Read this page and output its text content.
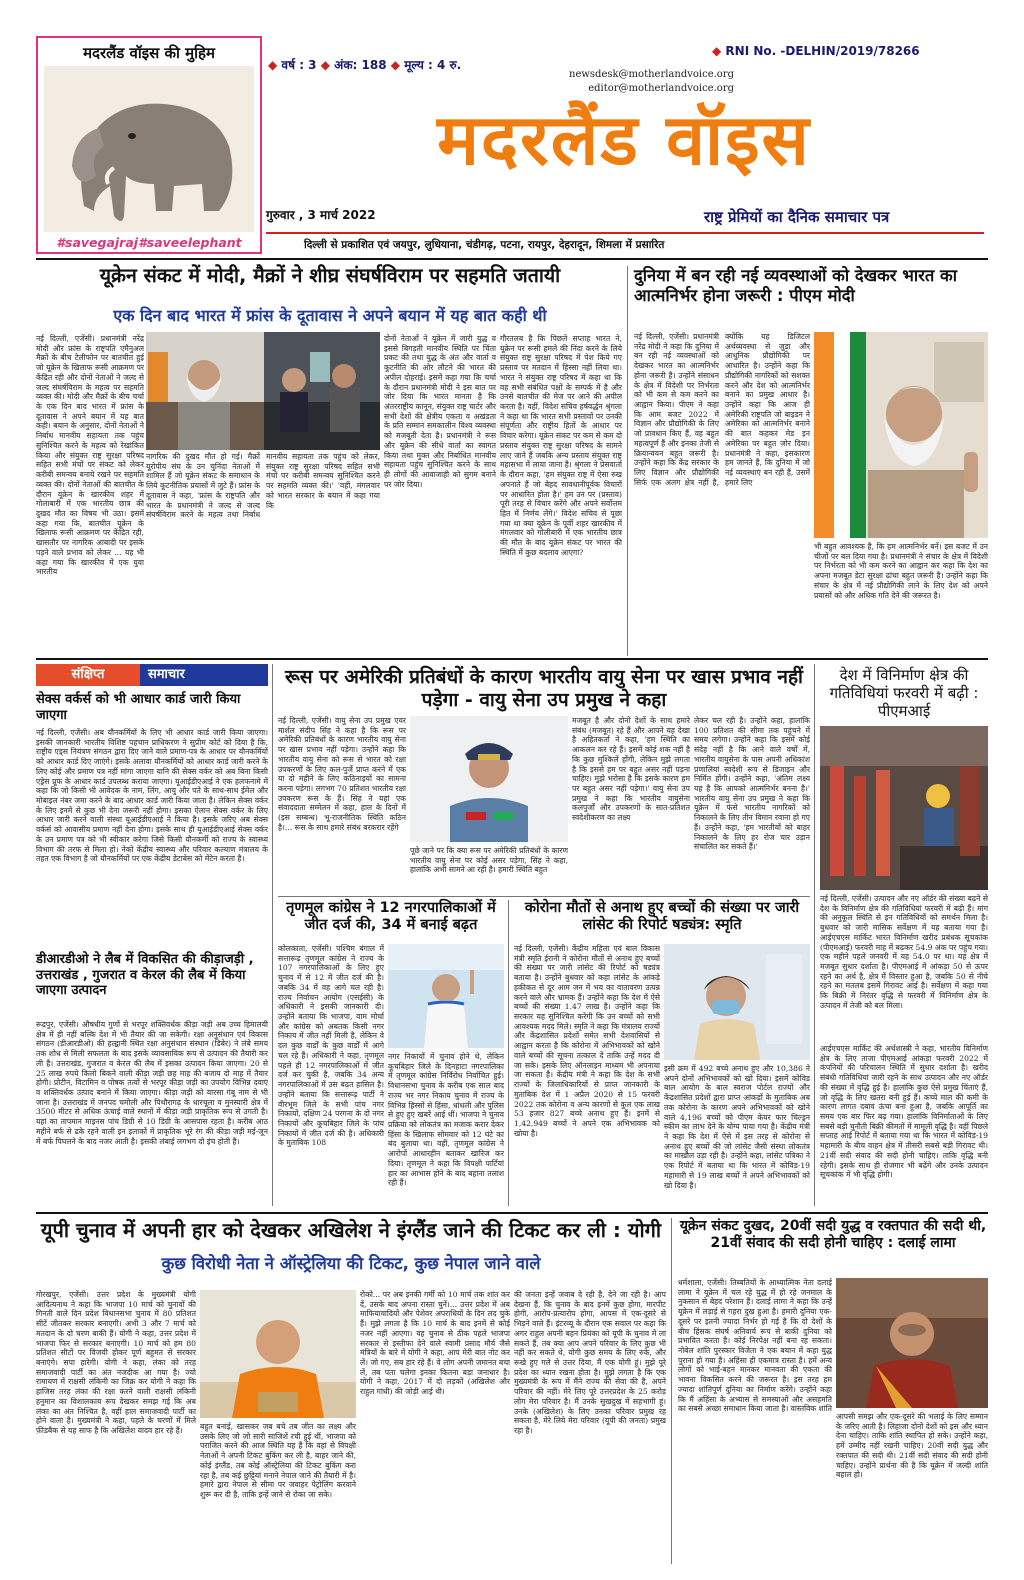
मदरलैंड वॉइस की मुहिम
#savegajraj#saveelephant
◆ वर्ष : 3 ◆ अंक: 188 ◆ मूल्य : 4 रु.
◆ RNI No. -DELHIN/2019/78266
newsdesk@motherlandvoice.org
editor@motherlandvoice.org
मदरलैंड वॉइस
गुरुवार , 3 मार्च 2022	राष्ट्र प्रेमियों का दैनिक समाचार पत्र
दिल्ली से प्रकाशित एवं जयपुर, लुधियाना, चंडीगढ़, पटना, रायपुर, देहरादून, शिमला में प्रसारित
यूक्रेन संकट में मोदी, मैक्रों ने शीघ्र संघर्षविराम पर सहमति जतायी
एक दिन बाद भारत में फ्रांस के दूतावास ने अपने बयान में यह बात कही थी
नई दिल्ली, एजेंसी। प्रधानमंत्री नरेंद्र मोदी और फ्रांस के राष्ट्रपति एमैनुअल मैक्रों के बीच टेलीफोन पर बातचीत हुई जो यूक्रेन के खिलाफ रूसी आक्रमण पर केंद्रित रही और दोनों नेताओं ने जल्द से जल्द संघर्षविराम के महत्व पर सहमति व्यक्त की। मोदी और मैक्रों के बीच चर्चा के एक दिन बाद भारत में फ्रांस के दूतावास ने अपने बयान में यह बात कही। बयान के अनुसार, दोनों नेताओं ने निर्बाध मानवीय सहायता तक पहुंच सुनिश्चित करने के महत्व को रेखांकित किया और संयुक्त राष्ट्र सुरक्षा परिषद सहित सभी मंचों पर संकट को लेकर करीबी समन्वय बनाये रखने पर सहमति व्यक्त की। दोनों नेताओं की बातचीत के दौरान यूक्रेन के खारकीव शहर में गोलाबारी में एक भारतीय छात्र की दुखद मौत का विषय भी उठा। इसमें कहा गया कि, बातचीत यूक्रेन के खिलाफ रूसी आक्रमण पर केंद्रित रही, खासतौर पर नागरिक आबादी पर इसके पड़ने वाले प्रभाव को लेकर ... यह भी कहा गया कि खारकीव में एक युवा भारतीय
नागरिक की दुखद मौत हो गई। मैक्रों यूरोपीय संघ के उन चुनिंदा नेताओं में शामिल हैं जो यूक्रेन संकट के समाधान के लिये कूटनीतिक प्रयासों में जुटे हैं। फ्रांस के दूतावास ने कहा, 'फ्रांस के राष्ट्रपति और भारत के प्रधानमंत्री ने जल्द से जल्द संघर्षविराम करने के महत्व तथा निर्बाध मानवीय सहायता तक पहुंच को लेकर, संयुक्त राष्ट्र सुरक्षा परिषद सहित सभी मंचों पर करीबी समन्वय सुनिश्चित करने पर सहमति व्यक्त की।' 'वहीं, मंगलवार को भारत सरकार के बयान में कहा गया कि
दोनों नेताओं ने यूक्रेन में जारी युद्ध व इससे बिगड़ती मानवीय स्थिति पर चिंता प्रकट की तथा युद्ध के अंत और वार्ता व कूटनीति की ओर लौटने की भारत की अपील दोहराई। इसमें कहा गया कि चर्चा के दौरान प्रधानमंत्री मोदी ने इस बात पर जोर दिया कि भारत मानता है कि अंतरराष्ट्रीय कानून, संयुक्त राष्ट्र चार्टर और सभी देशों की क्षेत्रीय एकता व अखंडता के प्रति सम्मान समकालीन विश्व व्यवस्था को मजबूती देता है। प्रधानमंत्री ने रूस और यूक्रेन की सीधे वार्ता का स्वागत किया तथा मुक्त और निर्बाधित मानवीय सहायता पहुंच सुनिश्चित करने के साथ ही लोगों की आवाजाही को सुगम बनाने पर जोर दिया।
गौरतलब है कि पिछले सप्ताह भारत ने, यूक्रेन पर रूसी हमले की निंदा करने के लिये संयुक्त राष्ट्र सुरक्षा परिषद में पेश किये गए प्रस्ताव पर मतदान में हिस्सा नहीं लिया था। भारत ने संयुक्त राष्ट्र परिषद में कहा था कि वह सभी संबंधित पक्षों के सम्पर्क में है और उनसे बातचीत की मेज पर आने की अपील करता है। वहीं, विदेश सचिव हर्षवर्द्धन श्रृंगला ने कहा था कि भारत सभी प्रस्तावों पर उनकी संपूर्णता और राष्ट्रीय हितों के आधार पर विचार करेगा। यूक्रेन संकट पर कम से कम दो प्रस्ताव संयुक्त राष्ट्र सुरक्षा परिषद के सामने लाए जाने हैं जबकि अन्य प्रस्ताव संयुक्त राष्ट्र महासभा में लाया जाना है। श्रृंगला ने प्रेसवार्ता के दौरान कहा, 'हम संयुक्त राष्ट्र में ऐसा रुख अपनाते हैं जो बेहद सावधानीपूर्वक विचारों पर आधारित होता है।' हम उन पर (प्रस्ताव) पूरी तरह से विचार करेंगे और अपने सर्वोत्तम हित में निर्णय लेंगे।' विदेश सचिव से पूछा गया था क्या यूक्रेन के पूर्वी शहर खारकीव में मंगलवार को गोलीबारी में एक भारतीय छात्र की मौत के बाद यूक्रेन संकट पर भारत की स्थिति में कुछ बदलाव आएगा?
दुनिया में बन रही नई व्यवस्थाओं को देखकर भारत का आत्मनिर्भर होना जरूरी : पीएम मोदी
नई दिल्ली, एजेंसी। प्रधानमंत्री नरेंद्र मोदी ने कहा कि दुनिया में बन रही नई व्यवस्थाओं को देखकर भारत का आत्मनिर्भर होना जरूरी है। उन्होंने संसाधन के क्षेत्र में विदेशी पर निर्भरता को भी कम से कम करने का आह्वान किया। पीएम ने कहा कि आम बजट 2022 में विज्ञान और प्रौद्योगिकी के लिए जो प्रावधान किए हैं, वह बहुत महत्वपूर्ण हैं और इनका तेजी से क्रियान्वयन बहुत जरूरी है। उन्होंने कहा कि केंद्र सरकार के लिए विज्ञान और प्रौद्योगिकी सिर्फ एक अलग क्षेत्र नहीं है, क्योंकि यह डिजिटल अर्थव्यवस्था से जुड़ा और आधुनिक प्रौद्योगिकी पर आधारित है। उन्होंने कहा कि प्रौद्योगिकी नागरिकों को सशक्त करने और देश को आत्मनिर्भर बनाने का प्रमुख आधार है। उन्होंने कहा कि आज ही अमेरिकी राष्ट्रपति जो बाइडन ने अमेरिका को आत्मनिर्भर बनाने की बात कहकर मेड इन अमेरिका पर बहुत जोर दिया। प्रधानमंत्री ने कहा, इसकारण हम जानते हैं, कि दुनिया में जो नई व्यवस्थाएं बन रही हैं, उसमें हमारे लिए
भी बहुत आवश्यक है, कि हम आत्मनिर्भर बनें। इस बजट में उन चीजों पर बल दिया गया है। प्रधानमंत्री ने संचार के क्षेत्र में विदेशी पर निर्भरता को भी कम करने का आह्वान कर कहा कि देश का अपना मजबूत डेटा सुरक्षा ढांचा बहुत जरूरी है। उन्होंने कहा कि संचार के क्षेत्र में नई प्रौद्योगिकी लाने के लिए देश को अपने प्रयासों को और अधिक गति देने की जरूरत है।
संक्षिप्त	समाचार
सेक्स वर्कर्स को भी आधार कार्ड जारी किया जाएगा
नई दिल्ली, एजेंसी। अब यौनकर्मियों के लिए भी आधार कार्ड जारी किया जाएगा। इसकी जानकारी भारतीय विशिष्ट पहचान प्राधिकरण ने सुप्रीम कोर्ट को दिया है कि, राष्ट्रीय एड्स नियंत्रण संगठन द्वारा दिए जाने वाले प्रमाण-पत्र के आधार पर यौनकर्मियों को आधार कार्ड दिए जाएंगे। इसके अलावा यौनकर्मियों को आधार कार्ड जारी करने के लिए कोई और प्रमाण पत्र नहीं मांगा जाएगा यानि की सेक्स वर्कर को अब बिना किसी एड्रेस प्रूफ के आधार कार्ड उपलब्ध कराया जाएगा। यूआईडीएआई ने एक हलफनामे में कहा कि जो किसी भी आवेदक के नाम, लिंग, आयु और पते के साथ-साथ ईमेल और मोबाइल नंबर जमा करने के बाद आधार कार्ड जारी किया जाता है। लेकिन सेक्स वर्कर के लिए इनमें से कुछ भी देना जरूरी नहीं होगा। इसका ऐलान सेक्स वर्कर के लिए आधार जारी करने वाली संस्था यूआईडीएआई ने किया है। इसके जरिए अब सेक्स वर्कर्स को आवासीय प्रमाण नहीं देना होगा। इसके साथ ही यूआईडीएआई सेक्स वर्कर के उन प्रमाण पत्र को भी स्वीकार करेगा जिसे किसी यौनकर्मी को राज्य के स्वास्थ्य विभाग की तरफ से मिला हो। नेको केंद्रीय स्वास्थ्य और परिवार कल्याण मंत्रालय के तहत एक विभाग है जो यौनकर्मियों पर एक केंद्रीय डेटाबेस को मेंटेन करता है।
डीआरडीओ ने लैब में विकसित की कीड़ाजड़ी , उत्तराखंड , गुजरात व केरल की लैब में किया जाएगा उत्पादन
रूद्रपुर, एजेंसी। औषधीय गुणों से भरपूर शक्तिवर्धक कीड़ा जड़ी अब उच्च हिमालयी क्षेत्र में ही नहीं बल्कि देश में भी तैयार की जा सकेगी। रक्षा अनुसंधान एवं विकास संगठन (डीआरडीओ) की हल्द्वानी स्थित रक्षा अनुसंधान संस्थान (डिबेर) ने लंबे समय तक शोध से मिली सफलता के बाद इसके व्यावसायिक रूप से उत्पादन की तैयारी कर ली है। उत्तराखंड, गुजरात व केरल की लैब में इसका उत्पादन किया जाएगा। 20 से 25 लाख रुपये किलो बिकने वाली कीड़ा जड़ी छह माह की बजाय दो माह में तैयार होगी। प्रोटीन, विटामिन व पोषक तत्वों से भरपूर कीड़ा जड़ी का उपयोग विभिन्न दवाएं व शक्तिवर्धक उत्पाद बनाने में किया जाएगा। कीड़ा जड़ी को यारसा गंबू नाम से भी जाना है। उत्तराखंड में जनपद चमोली और पिथौरागढ़ के धारचूला व मुनस्यारी क्षेत्र में 3500 मीटर से अधिक ऊंचाई वाले स्थानों में कीड़ा जड़ी प्राकृतिक रूप से उगती है। यहां का तापमान माइनस पांच डिग्री से 10 डिग्री के आसपास रहता है। करीब आठ महीने बर्फ से ढके रहने वाली इन इलाकों में प्राकृतिक भूरे रंग की कीड़ा जड़ी मई-जून में बर्फ पिघलने के बाद नजर आती है। इसकी लंबाई लगभग दो इंच होती है।
रूस पर अमेरिकी प्रतिबंधों के कारण भारतीय वायु सेना पर खास प्रभाव नहीं पड़ेगा - वायु सेना उप प्रमुख ने कहा
नई दिल्ली, एजेंसी। वायु सेना उप प्रमुख एयर मार्शल संदीप सिंह ने कहा है कि रूस पर अमेरिकी प्रतिबंधों के कारण भारतीय वायु सेना पर खास प्रभाव नहीं पड़ेगा। उन्होंने कहा कि भारतीय वायु सेना को रूस से भारत को रक्षा उपकरणों के लिए कल-पुर्जे प्राप्त करने में एक या दो महीने के लिए कठिनाइयों का सामना करना पड़ेगा। लगभग 70 प्रतिशत भारतीय रक्षा उपकरण रूस के हैं। सिंह ने यहां एक संवाददाता सम्मेलन में कहा, हाल के दिनों में (इस सम्बन्ध) भू-राजनीतिक स्थिति कठिन है।... रूस के साथ हमारे संबंध बरकरार रहेंगे
पूछे जाने पर कि क्या रूस पर अमेरिकी प्रतिबंधों के कारण भारतीय वायु सेना पर कोई असर पड़ेगा, सिंह ने कहा, हालांकि अभी सामने आ रही है। हमारी स्थिति बहुत
मजबूत है और दोनों देशों के साथ हमारे संबंध (मजबूत) रहे हैं और आपने यह देखा है अहितकर्ता ने कहा, 'हम स्थिति का आकलन कर रहे हैं। इसमें कोई शक नहीं है कि कुछ मुश्किलें होंगी, लेकिन मुझे लगता है कि इससे हम पर बहुत असर नहीं पड़ना चाहिए। मुझे भरोसा है कि इसके कारण हम पर बहुत असर नहीं पड़ेगा।' वायु सेना उप प्रमुख ने कहा कि भारतीय वायुसेना कलपुर्जों और उपकरणों के सात-प्रतिशत स्वदेशीकरण का लक्ष्य
लेकर चल रही है। उन्होंने कहा, हालांकि 100 प्रतिशत की सीमा तक पहुंचने में समय लगेगा। उन्होंने कहा कि इसमें कोई संदेह नहीं है कि आने वाले वर्षों में, भारतीय वायुसेना के पास अपनी अधिकांश प्रणालियां स्वदेशी रूप से डिजाइन और निर्मित होंगी। उन्होंने कहा, 'अंतिम लक्ष्य यह है कि आपको आत्मनिर्भर बनना है।' भारतीय वायु सेना उप प्रमुख ने कहा कि यूक्रेन में फंसे भारतीय नागरिकों को निकालने के लिए तीन विमान रवाना हो गए हैं। उन्होंने कहा, 'हम भारतीयों को बाहर निकालने के लिए हर रोज चार उड़ान संचालित कर सकते हैं।'
तृणमूल कांग्रेस ने 12 नगरपालिकाओं में जीत दर्ज की, 34 में बनाई बढ़त
कोलकाता, एजेंसी। पश्चिम बंगाल में सत्तारूढ़ तृणमूल कांग्रेस ने राज्य के 107 नगरपालिकाओं के लिए हुए चुनाव में से 12 में जीत दर्ज की है। जबकि 34 में वह आगे चल रही है। राज्य निर्वाचन आयोग (एसईसी) के अधिकारी ने इसकी जानकारी दी। उन्होंने बताया कि भाजपा, वाम मोर्चा और कांग्रेस को अबतक किसी नगर निकाय में जीत नहीं मिली है, लेकिन वे दल कुछ वार्डों के कुछ वार्डों में आगे चल रहे हैं। अधिकारी ने कहा, तृणमूल पहले ही 12 नगरपालिकाओं में जीत दर्ज कर चुकी है, जबकि 34 अन्य नगरपालिकाओं में उस बढ़त हासिल है। उन्होंने बताया कि सत्तारूढ़ पार्टी ने वीरभूम जिले के सभी पांच नगर निकायों, दक्षिण 24 परगना के दो नगर निकायों और कूचबिहार जिले के पांच निकायों में जीत दर्ज की है। अधिकारी के मुताबिक 108
नगर निकायों में चुनाव होने थे, लेकिन कूचबिहार जिले के दिनहाटा नगरपालिका में तृणमूल कांग्रेस निर्विरोध निर्वाचित हुई। विधानसभा चुनाव के करीब एक साल बाद राज्य भर नगर निकाय चुनाव में राज्य के विभिन्न हिस्सों से हिंसा, धांधली और पुलिस से हुए हुए खबरें आई थीं। भाजपा ने चुनाव प्रक्रिया को लोकतंत्र का मजाक करार देकर हिंसा के खिलाफ सोमवार को 12 घंटे का बंद बुलाया था। वहीं, तृणमूल कांग्रेस ने आरोपों आधारहीन बताकर खारिज कर दिया। तृणमूल ने कहा कि विपक्षी पार्टियां हार का आभास होने के बाद बहाना तलाश रही हैं।
कोरोना मौतों से अनाथ हुए बच्चों की संख्या पर जारी लांसेट की रिपोर्ट षड्यंत्र: स्मृति
नई दिल्ली, एजेंसी। केंद्रीय महिला एवं बाल विकास मंत्री स्मृति ईरानी ने कोरोना मौतों से अनाथ हुए बच्चों की संख्या पर जारी लांसेट की रिपोर्ट को षड्यंत्र बताया है। उन्होंने बुधवार को कहा लांसेट के आंकड़े हकीकत से दूर आम जन में भय का वातावरण उत्पन्न करने वाले और भ्रामक हैं। उन्होंने कहा कि देश में ऐसे बच्चों की संख्या 1.47 लाख है। उन्होंने कहा कि सरकार यह सुनिश्चित करेगी कि उन बच्चों को सभी आवश्यक मदद मिले। स्मृति ने कहा कि मंत्रालय राज्यों और केंद्रशासित प्रदेशों समेत सभी देशवासियों से आह्वान करता है कि कोरोना में अभिभावकों को खोने वाले बच्चों की सूचना तत्काल दें ताकि उन्हें मदद दी जा सके। इसके लिए ऑनलाइन माध्यम भी अपनाया जा सकता है। केंद्रीय मंत्री ने कहा कि देश के सभी राज्यों के जिलाधिकारियों से प्राप्त जानकारी के मुताबिक देश में 1 अप्रैल 2020 से 15 फरवरी 2022 तक कोरोना व अन्य कारणों से कुल एक लाख 53 हजार 827 बच्चे अनाथ हुए हैं। इनमें से 1,42,949 बच्चों ने अपने एक अभिभावक को खोया है।
इसी क्रम में 492 बच्चे अनाथ हुए और 10,386 ने अपने दोनों अभिभावकों को खो दिया। इसमें कोविड बाल आयोग के बाल स्वराज पोर्टल राज्यों और केंद्रशासित प्रदेशों द्वारा प्राप्त आंकड़ों के मुताबिक अब तक कोरोना के कारण अपने अभिभावकों को खोने वाले 4,196 बच्चों को पीएम केयर फार चिल्ड्रन स्कीम का लाभ देने के योग्य पाया गया है। केंद्रीय मंत्री ने कहा कि देश में ऐसे में इस तरह से कोरोना से अनाथ हुए बच्चों की जो लांसेट जैसी संस्था लोकतंत्र का माखौल उड़ा रही है। उन्होंने कहा, लांसेट पत्रिका ने एक रिपोर्ट में बताया था कि भारत में कोविड-19 महामारी से 19 लाख बच्चों ने अपने अभिभावकों को खो दिया है।
देश में विनिर्माण क्षेत्र की गतिविधियां फरवरी में बढ़ी : पीएमआई
नई दिल्ली, एजेंसी। उत्पादन और नए ऑर्डर की संख्या बढ़ने से देश के विनिर्माण क्षेत्र की गतिविधियां फरवरी में बढ़ी हैं। मांग की अनुकूल स्थिति से इन गतिविधियों को समर्थन मिला है। बुधवार को जारी मासिक सर्वेक्षण में यह बताया गया है। आईएचएस मार्किट भारत विनिर्माण खरीद प्रबंधक सूचकांक (पीएमआई) फरवरी माह में बढ़कर 54.9 अंक पर पहुंच गया। एक महीने पहले जनवरी में यह 54.0 पर था। यह क्षेत्र में मजबूत सुधार दर्शाता है। पीएमआई में आंकड़ा 50 से ऊपर रहने का अर्थ है, क्षेत्र में विस्तार हुआ है, जबकि 50 से नीचे रहने का मतलब इसमें गिरावट आई है। सर्वेक्षण में कहा गया कि बिक्री में निरंतर वृद्धि से फरवरी में विनिर्माण क्षेत्र के उत्पादन में तेजी को बल मिला।
आईएचएस मार्किट की अर्थशास्त्री ने कहा, भारतीय विनिर्माण क्षेत्र के लिए ताजा पीएमआई आंकड़ा फरवरी 2022 में कंपनियों की परिचालन स्थिति में सुधार दर्शाता है। खरीद संबंधी गतिविधियां जारी रहने के साथ उत्पादन और नए ऑर्डर की संख्या में वृद्धि हुई है। हालांकि कुछ ऐसे प्रमुख चिंताएं हैं, जो वृद्धि के लिए खतरा बनी हुई हैं। कच्चे माल की कमी के कारण लागत दबाव ऊंचा बना हुआ है, जबकि आपूर्ति का समय एक बार फिर बढ़ गया। हालांकि विनिर्माताओं के लिए सबसे बड़ी चुनौती बिक्री कीमतों में मामूली वृद्धि है। वहीं पिछले सप्ताह आई रिपोर्ट में बताया गया था कि भारत में कोविड-19 महामारी के बीच वाहन क्षेत्र में तीसरी सबसे बड़ी गिरावट थी। 21वीं सदी संवाद की सदी होनी चाहिए। ताकि वृद्धि बनी रहेगी। इसके साथ ही रोजगार भी बढ़ेंगे और उनके उत्पादन सूचकांक में भी वृद्धि होगी।
यूपी चुनाव में अपनी हार को देखकर अखिलेश ने इंग्लैंड जाने की टिकट कर ली : योगी
कुछ विरोधी नेता ने ऑस्ट्रेलिया की टिकट, कुछ नेपाल जाने वाले
गोरखपुर, एजेंसी। उत्तर प्रदेश के मुख्यमंत्री योगी आदित्यनाथ ने कहा कि भाजपा 10 मार्च को चुनावों की गिनती वाले दिन प्रदेश विधानसभा चुनाव में 80 प्रतिशत सीटें जीतकर सरकार बनाएगी। अभी 3 और 7 मार्च को मतदान के दो चरण बाकी हैं। योगी ने कहा, उत्तर प्रदेश में भाजपा फिर से सरकार बनाएगी। 10 मार्च को हम 80 प्रतिशत सीटों पर विजयी होकर पूर्ण बहुमत से सरकार बनाएंगे। सपा हारेगी। योगी ने कहा, लंका को तरह समाजवादी पार्टी का अंत नजदीक आ गया है। ज्यो रामायण में राक्षसी लंकिनी का जिक्र कर योगी ने कहा कि हाजिस तरह लंका की रक्षा करने वाली राक्षसी लंकिनी हनुमान का विशालकाय रूप देखकर समझ गई कि अब लंका का अंत निश्चित है, वहीं हाल समाजवादी पार्टी का होने वाला है। मुख्यमंत्री ने कहा, पहले के चरणों में मिले फ़ीडबैक से यह साफ है कि अखिलेश यादव हार रहे हैं।	बहुत बनाई, खासकर जब बचे तब जीत का लक्ष्य और उसके लिए जो जो सारी साजिशें रची हुई थीं, भाजपा को पराजित करने की आज स्थिति यह है कि वहां से विपक्षी नेताओं ने अपनी टिकट बुकिंग कर ली है, बाहर जाने की, कोई इंग्लैंड, तब कोई ऑस्ट्रेलिया की टिकट बुकिंग करा रहा है, तब कई छुट्टियां मनाने नेपाल जाने की तैयारी में है। हमारे द्वारा नेपाल से सीमा पर जवाहर पेट्रोलिंग करवाने शुरू कर दी है, ताकि इन्हें जाने से रोका जा सके।
रोको... पर अब इनकी गर्मी को 10 मार्च तक शांत कर दें, उसके बाद अपना रास्ता चुनें।... उत्तर प्रदेश में अब माफियावादियों और पेशेवर अपराधियों के दिन लद चुके हैं। मुझे लगता है कि 10 मार्च के बाद इनमें से कोई नजर नहीं आएगा। वह चुनाव से ठीक पहले भाजपा सरकार से इस्तीफा देने वाले स्वामी प्रसाद मौर्य जैसे मंत्रियों के बारे में योगी ने कहा, आप मेरी बात नोट कर लें। जो गए, सब हार रहे हैं। वे लोग अपनी जमानत बचा लें, तब पता चलेगा इनका कितना बड़ा जनाधार है। योगी ने कहा, 2017 में दो लड़कों (अखिलेश और राहुल गांधी) की जोड़ी आई थी।
की जनता इन्हें जवाब दे रही है, देने जा रही है। आप देखना हैं, कि चुनाव के बाद इनमें कुछ होगा, मारपीट होगी, आरोप-प्रत्यारोप होगा, आपस में एक-दूसरे से भिड़ने वाले हैं। इंटरव्यू के दौरान एक सवाल पर कहा कि अगर राहुल अपनी बहन प्रियंका को यूपी के चुनाव में ला सकते हैं, तब क्या आप अपने परिवार के लिए कुछ भी नहीं कर सकते थे, योगी कुछ समय के लिए रुके, और रूखे हुए गले से उत्तर दिया, मैं एक योगी हूं। मुझे पूरे प्रदेश का ध्यान रखना होता है। मुझे लगता है कि एक मुख्यमंत्री के रूप में मैंने राज्य की सेवा की है, अपने परिवार की नहीं। मेरे लिए पूरे उत्तरप्रदेश के 25 करोड़ लोग मेरा परिवार है। मैं उनके सुखदुख में सहभागी हूं। उनके (अखिलेश) के लिए उनका परिवार प्रमुख रह सकता है, मेरे लिये मेरा परिवार (यूपी की जनता) प्रमुख रहा है।
यूक्रेन संकट दुखद, 20वीं सदी युद्ध व रक्तपात की सदी थी, 21वीं संवाद की सदी होनी चाहिए : दलाई लामा
धर्मशाला, एजेंसी। तिब्बतियों के आध्यात्मिक नेता दलाई लामा ने यूक्रेन में चल रहे युद्ध में हो रहे जनमाल के नुकसान से बेहद परेशान हैं। दलाई लामा ने कहा कि उन्हें यूक्रेन में लड़ाई से गहरा दुख हुआ है। हमारी दुनिया एक-दूसरे पर इतनी ज्यादा निर्भर हो गई है कि दो देशों के बीच हिंसक संघर्ष अनिवार्य रूप से बाकी दुनिया को प्रभावित करता है। कोई निरपेक्ष नहीं बना रह सकता। नोबेल शांति पुरस्कार विजेता ने एक बयान में कहा युद्ध पुराना हो गया है। अहिंसा ही एकमात्र रास्ता है। हमें अन्य लोगों को भाई-बहन मानकर मानवता की एकता की भावना विकसित करने की जरूरत है। इस तरह हम ज्यादा शांतिपूर्ण दुनिया का निर्माण करेंगे। उन्होंने कहा कि मैं अहिंसा के अभ्यास से समस्याओं और असहमति का सबसे अच्छा समाधान किया जाता है। वास्तविक शांति
आपसी समझ और एक-दूसरे की भलाई के लिए सम्मान के जरिए आती है। लिहाजा दोनों देशों को इस और ध्यान देना चाहिए। ताकि शांति स्थापित हो सके। उन्होंने कहा, हमें उम्मीद नहीं रखनी चाहिए। 20वीं सदी युद्ध और रक्तपात की सदी थी। 21वीं सदी संवाद की सदी होनी चाहिए। उन्होंने प्रार्थना की है कि यूक्रेन में जल्दी शांति बहाल हो।
